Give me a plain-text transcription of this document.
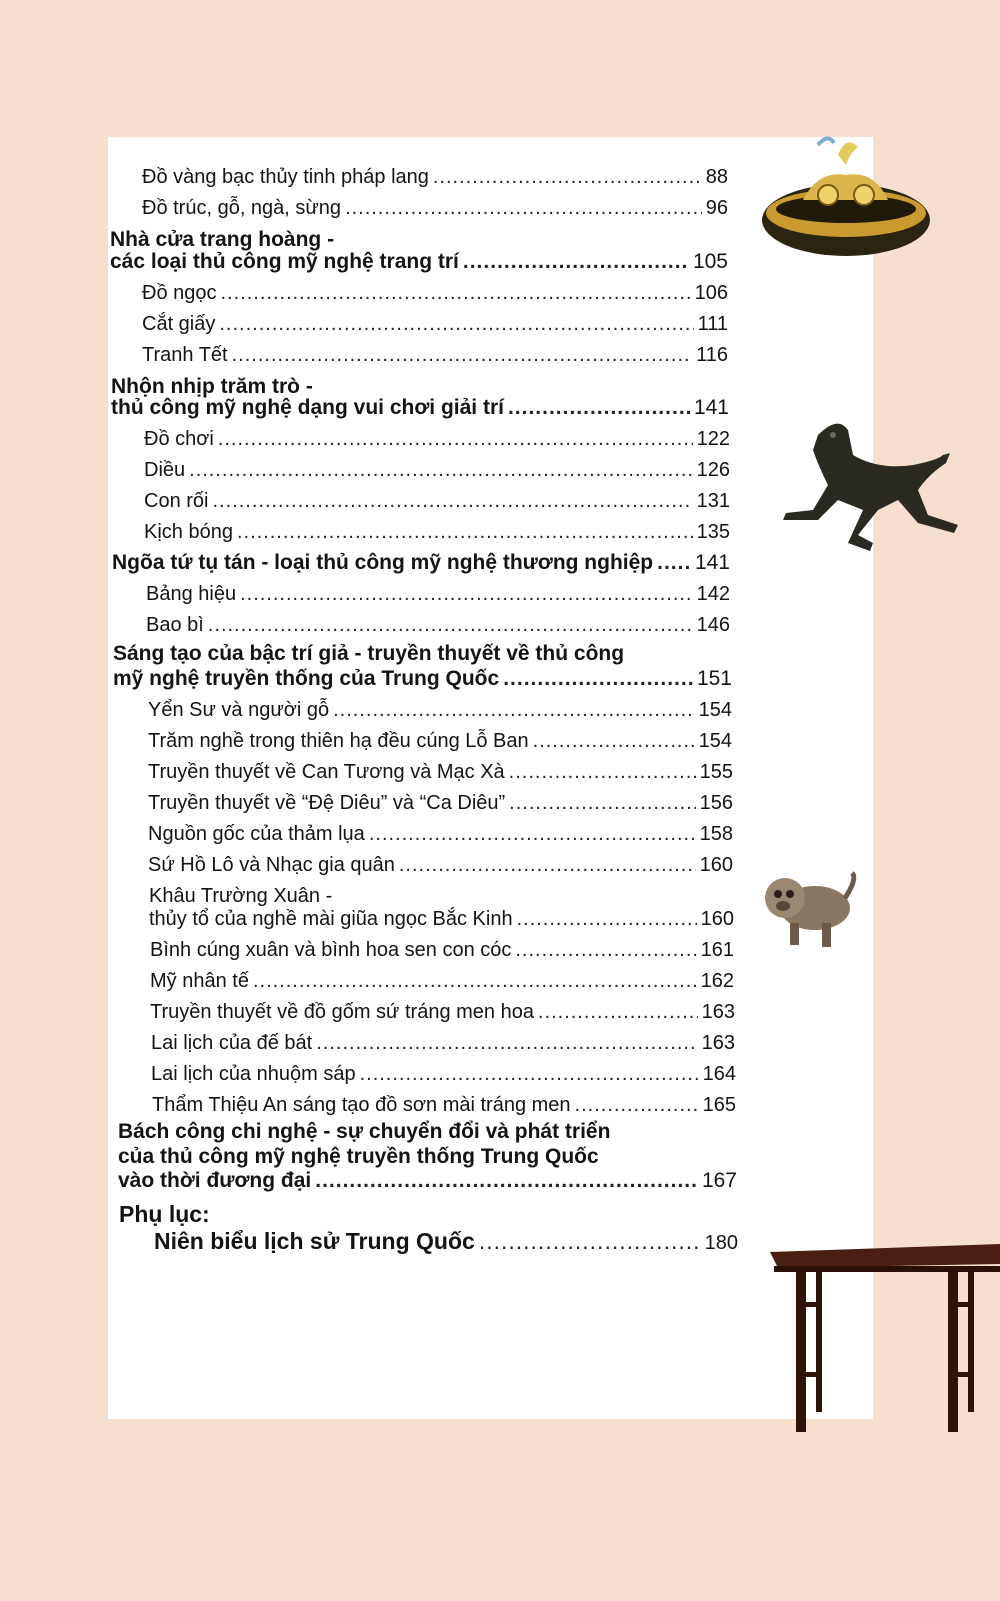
Đồ vàng bạc thủy tinh pháp lang .....	88
Đồ trúc, gỗ, ngà, sừng .....	96
Nhà cửa trang hoàng -
các loại thủ công mỹ nghệ trang trí .....	105
Đồ ngọc .....	106
Cắt giấy .....	111
Tranh Tết .....	116
Nhộn nhịp trăm trò -
thủ công mỹ nghệ dạng vui chơi giải trí .....	141
Đồ chơi .....	122
Diều .....	126
Con rối .....	131
Kịch bóng .....	135
Ngõa tứ tụ tán - loại thủ công mỹ nghệ thương nghiệp ..... 141
Bảng hiệu .....	142
Bao bì .....	146
Sáng tạo của bậc trí giả - truyền thuyết về thủ công
mỹ nghệ truyền thống của Trung Quốc .....	151
Yển Sư và người gỗ .....	154
Trăm nghề trong thiên hạ đều cúng Lỗ Ban .....	154
Truyền thuyết về Can Tương và Mạc Xà .....	155
Truyền thuyết về “Đệ Diêu” và “Ca Diêu” .....	156
Nguồn gốc của thảm lụa .....	158
Sứ Hồ Lô và Nhạc gia quân .....	160
Khâu Trường Xuân -
thủy tổ của nghề mài giũa ngọc Bắc Kinh .....	160
Bình cúng xuân và bình hoa sen con cóc .....	161
Mỹ nhân tế .....	162
Truyền thuyết về đồ gốm sứ tráng men hoa .....	163
Lai lịch của đế bát .....	163
Lai lịch của nhuộm sáp .....	164
Thẩm Thiệu An sáng tạo đồ sơn mài tráng men .....	165
Bách công chi nghệ - sự chuyển đổi và phát triển
của thủ công mỹ nghệ truyền thống Trung Quốc
vào thời đương đại .....	167
Phụ lục:
Niên biểu lịch sử Trung Quốc .....	180
